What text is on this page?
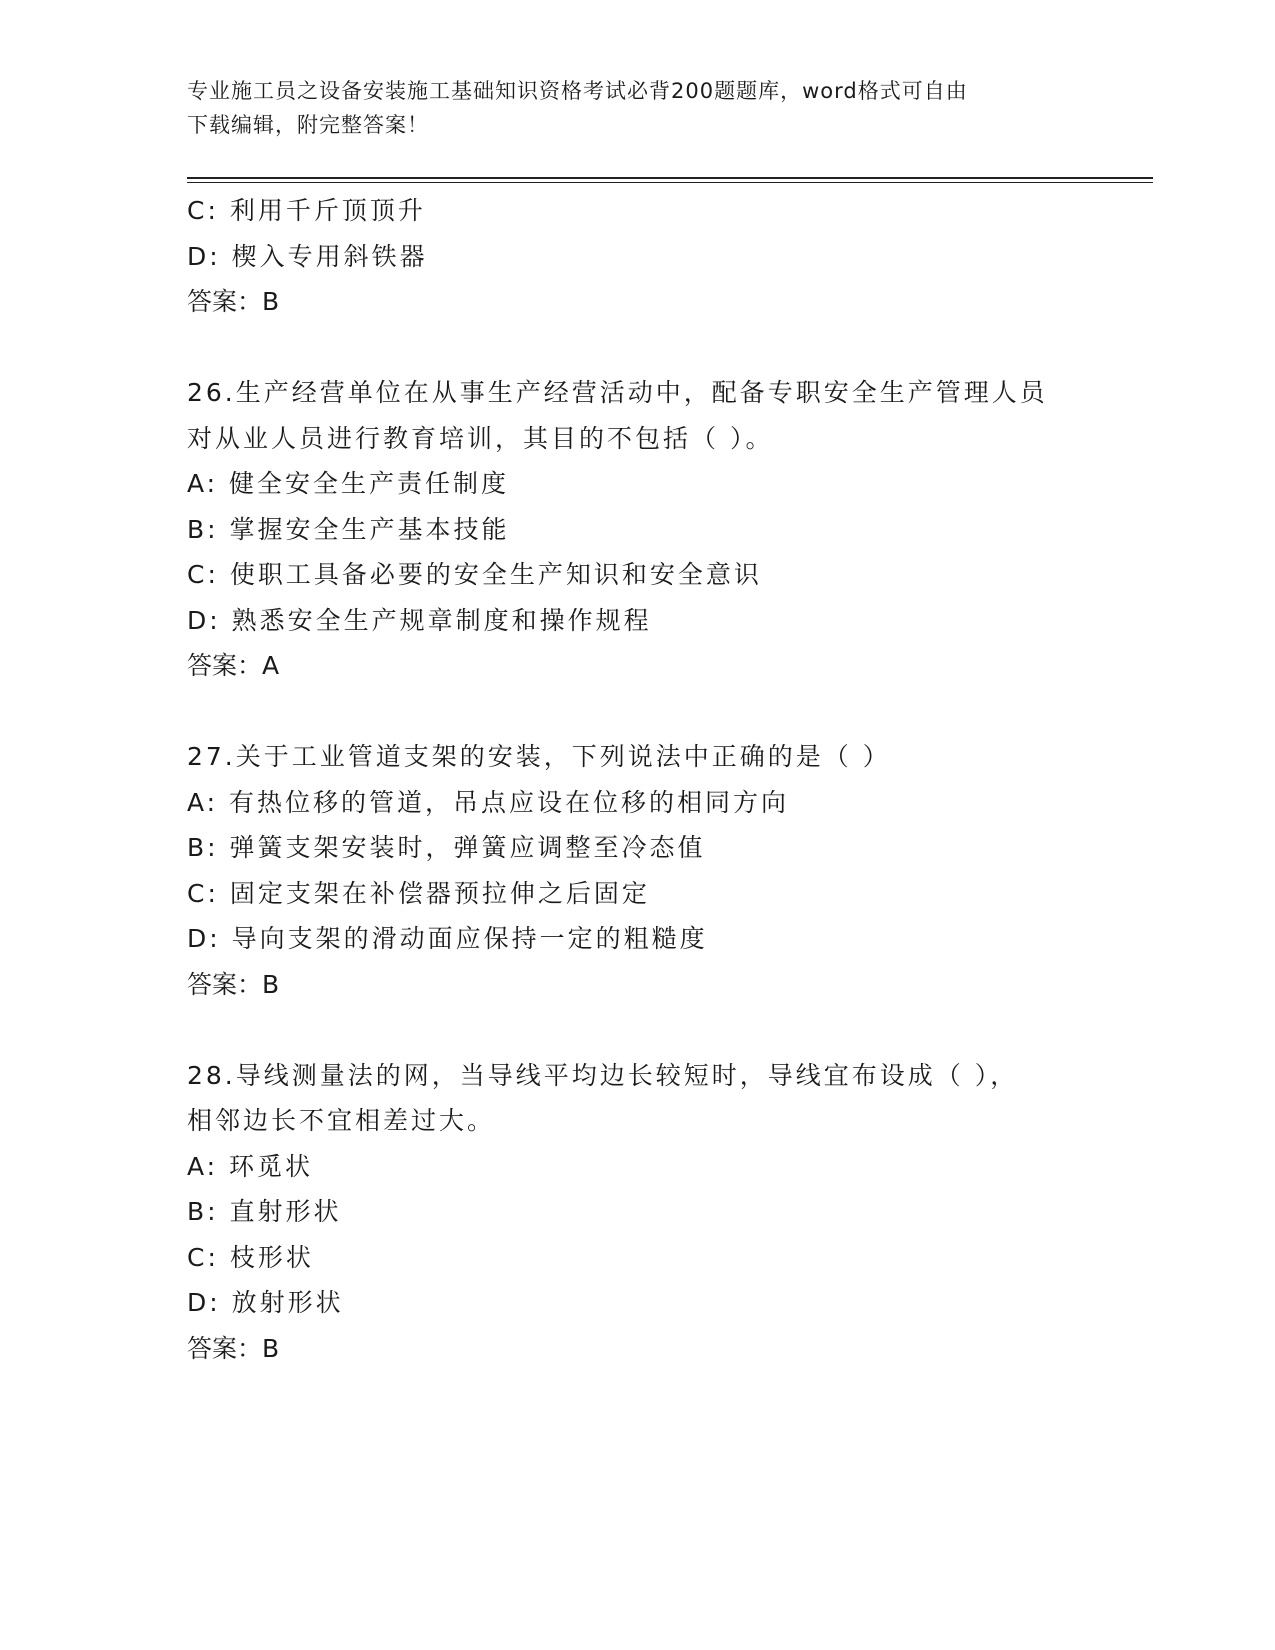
专业施工员之设备安装施工基础知识资格考试必背200题题库，word格式可自由
下载编辑，附完整答案！
C: 利用千斤顶顶升
D: 楔入专用斜铁器
答案：B
26.生产经营单位在从事生产经营活动中，配备专职安全生产管理人员
对从业人员进行教育培训，其目的不包括（ ）。
A: 健全安全生产责任制度
B: 掌握安全生产基本技能
C: 使职工具备必要的安全生产知识和安全意识
D: 熟悉安全生产规章制度和操作规程
答案：A
27.关于工业管道支架的安装，下列说法中正确的是（ ）
A: 有热位移的管道，吊点应设在位移的相同方向
B: 弹簧支架安装时，弹簧应调整至冷态值
C: 固定支架在补偿器预拉伸之后固定
D: 导向支架的滑动面应保持一定的粗糙度
答案：B
28.导线测量法的网，当导线平均边长较短时，导线宜布设成（ ），
相邻边长不宜相差过大。
A: 环觅状
B: 直射形状
C: 枝形状
D: 放射形状
答案：B
